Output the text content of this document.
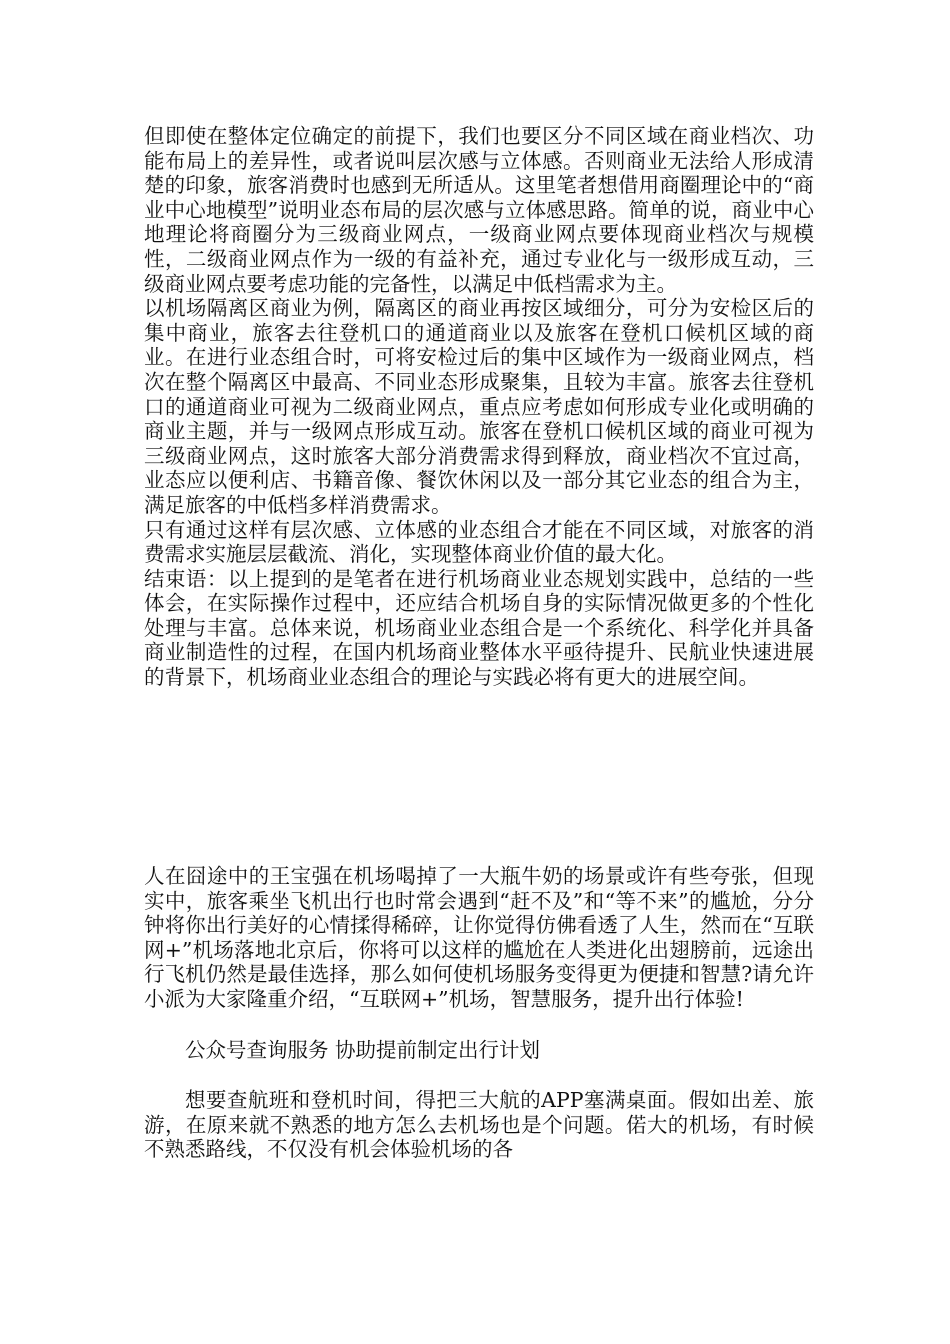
但即使在整体定位确定的前提下，我们也要区分不同区域在商业档次、功能布局上的差异性，或者说叫层次感与立体感。否则商业无法给人形成清楚的印象，旅客消费时也感到无所适从。这里笔者想借用商圈理论中的“商业中心地模型”说明业态布局的层次感与立体感思路。简单的说，商业中心地理论将商圈分为三级商业网点，一级商业网点要体现商业档次与规模性，二级商业网点作为一级的有益补充，通过专业化与一级形成互动，三级商业网点要考虑功能的完备性，以满足中低档需求为主。

以机场隔离区商业为例，隔离区的商业再按区域细分，可分为安检区后的集中商业，旅客去往登机口的通道商业以及旅客在登机口候机区域的商业。在进行业态组合时，可将安检过后的集中区域作为一级商业网点，档次在整个隔离区中最高、不同业态形成聚集，且较为丰富。旅客去往登机口的通道商业可视为二级商业网点，重点应考虑如何形成专业化或明确的商业主题，并与一级网点形成互动。旅客在登机口候机区域的商业可视为三级商业网点，这时旅客大部分消费需求得到释放，商业档次不宜过高，业态应以便利店、书籍音像、餐饮休闲以及一部分其它业态的组合为主，满足旅客的中低档多样消费需求。

只有通过这样有层次感、立体感的业态组合才能在不同区域，对旅客的消费需求实施层层截流、消化，实现整体商业价值的最大化。

结束语：以上提到的是笔者在进行机场商业业态规划实践中，总结的一些体会，在实际操作过程中，还应结合机场自身的实际情况做更多的个性化处理与丰富。总体来说，机场商业业态组合是一个系统化、科学化并具备商业制造性的过程，在国内机场商业整体水平亟待提升、民航业快速进展的背景下，机场商业业态组合的理论与实践必将有更大的进展空间。

人在囧途中的王宝强在机场喝掉了一大瓶牛奶的场景或许有些夸张，但现实中，旅客乘坐飞机出行也时常会遇到“赶不及”和“等不来”的尴尬，分分钟将你出行美好的心情揉得稀碎，让你觉得仿佛看透了人生，然而在“互联网+”机场落地北京后，你将可以这样的尴尬在人类进化出翅膀前，远途出行飞机仍然是最佳选择，那么如何使机场服务变得更为便捷和智慧?请允许小派为大家隆重介绍，“互联网+”机场，智慧服务，提升出行体验!

公众号查询服务 协助提前制定出行计划

想要查航班和登机时间，得把三大航的APP塞满桌面。假如出差、旅游，在原来就不熟悉的地方怎么去机场也是个问题。偌大的机场，有时候不熟悉路线，不仅没有机会体验机场的各
